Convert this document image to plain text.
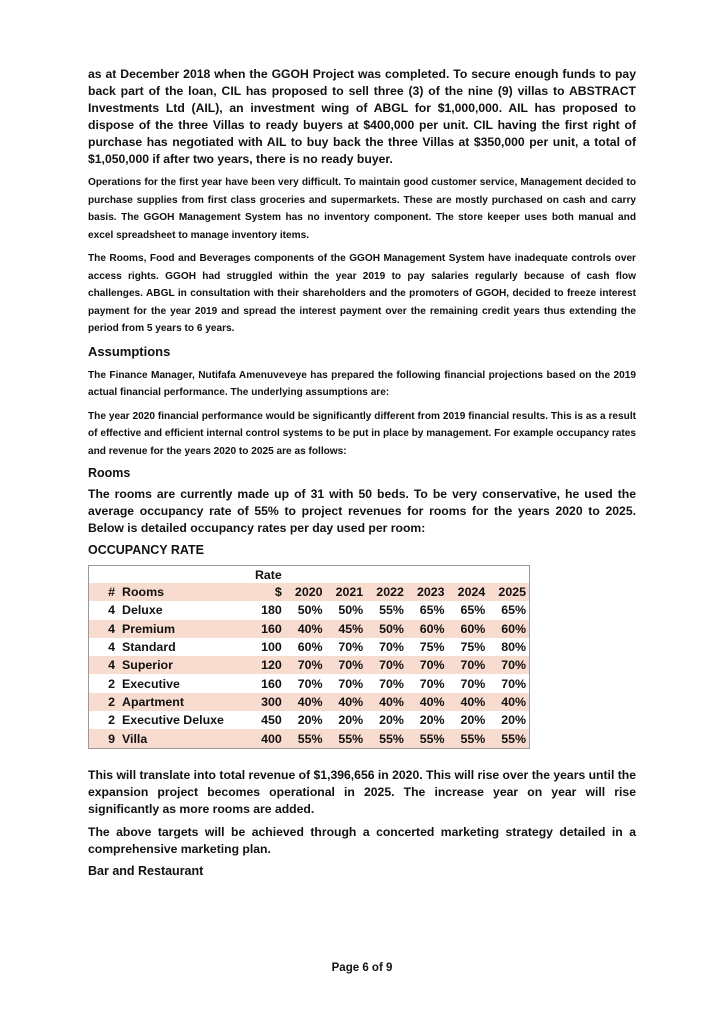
as at December 2018 when the GGOH Project was completed. To secure enough funds to pay back part of the loan, CIL has proposed to sell three (3) of the nine (9) villas to ABSTRACT Investments Ltd (AIL), an investment wing of ABGL for $1,000,000. AIL has proposed to dispose of the three Villas to ready buyers at $400,000 per unit. CIL having the first right of purchase has negotiated with AIL to buy back the three Villas at $350,000 per unit, a total of $1,050,000 if after two years, there is no ready buyer.

Operations for the first year have been very difficult. To maintain good customer service, Management decided to purchase supplies from first class groceries and supermarkets. These are mostly purchased on cash and carry basis. The GGOH Management System has no inventory component. The store keeper uses both manual and excel spreadsheet to manage inventory items.

The Rooms, Food and Beverages components of the GGOH Management System have inadequate controls over access rights. GGOH had struggled within the year 2019 to pay salaries regularly because of cash flow challenges. ABGL in consultation with their shareholders and the promoters of GGOH, decided to freeze interest payment for the year 2019 and spread the interest payment over the remaining credit years thus extending the period from 5 years to 6 years.

Assumptions

The Finance Manager, Nutifafa Amenuveveye has prepared the following financial projections based on the 2019 actual financial performance. The underlying assumptions are:

The year 2020 financial performance would be significantly different from 2019 financial results. This is as a result of effective and efficient internal control systems to be put in place by management. For example occupancy rates and revenue for the years 2020 to 2025 are as follows:

Rooms

The rooms are currently made up of 31 with 50 beds. To be very conservative, he used the average occupancy rate of 55% to project revenues for rooms for the years 2020 to 2025. Below is detailed occupancy rates per day used per room:

OCCUPANCY RATE
		Rate						
#	Rooms	$	2020	2021	2022	2023	2024	2025
4	Deluxe	180	50%	50%	55%	65%	65%	65%
4	Premium	160	40%	45%	50%	60%	60%	60%
4	Standard	100	60%	70%	70%	75%	75%	80%
4	Superior	120	70%	70%	70%	70%	70%	70%
2	Executive	160	70%	70%	70%	70%	70%	70%
2	Apartment	300	40%	40%	40%	40%	40%	40%
2	Executive Deluxe	450	20%	20%	20%	20%	20%	20%
9	Villa	400	55%	55%	55%	55%	55%	55%

This will translate into total revenue of $1,396,656 in 2020. This will rise over the years until the expansion project becomes operational in 2025. The increase year on year will rise significantly as more rooms are added.

The above targets will be achieved through a concerted marketing strategy detailed in a comprehensive marketing plan.

Bar and Restaurant
Page 6 of 9
